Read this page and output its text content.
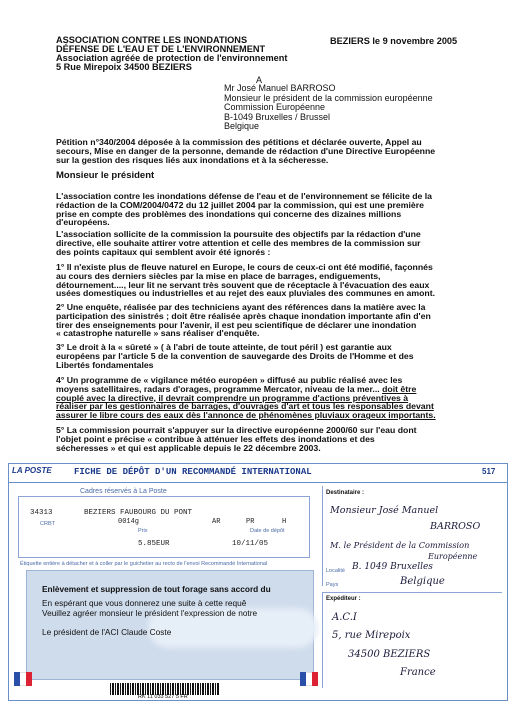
ASSOCIATION CONTRE LES INONDATIONS
DÉFENSE DE L'EAU ET DE L'ENVIRONNEMENT
Association agréée de protection de l'environnement
5 Rue Mirepoix 34500 BEZIERS
BEZIERS le 9 novembre 2005
A
Mr José Manuel BARROSO
Monsieur le président de la commission européenne
Commission Européenne
B-1049 Bruxelles / Brussel
Belgique
Pétition n°340/2004 déposée à la commission des pétitions et déclarée ouverte, Appel au
secours, Mise en danger de la personne, demande de rédaction d'une Directive Européenne
sur la gestion des risques liés aux inondations et à la sécheresse.
Monsieur le président
L'association contre les inondations défense de l'eau et de l'environnement se félicite de la
rédaction de la COM/2004/0472 du 12 juillet 2004 par la commission, qui est une première
prise en compte des problèmes des inondations qui concerne des dizaines millions
d'européens.
L'association sollicite de la commission la poursuite des objectifs par la rédaction d'une
directive, elle souhaite attirer votre attention et celle des membres de la commission sur
des points capitaux qui semblent avoir été ignorés :
1° Il n'existe plus de fleuve naturel en Europe, le cours de ceux-ci ont été modifié, façonnés
au cours des derniers siècles par la mise en place de barrages, endiguements,
détournement...., leur lit ne servant très souvent que de réceptacle à l'évacuation des eaux
usées domestiques ou industrielles et au rejet des eaux pluviales des communes en amont.
2° Une enquête, réalisée par des techniciens ayant des références dans la matière avec la
participation des sinistrés ; doit être réalisée après chaque inondation importante afin d'en
tirer des enseignements pour l'avenir, il est peu scientifique de déclarer une inondation
« catastrophe naturelle » sans réaliser d'enquête.
3° Le droit à la « sûreté » ( à l'abri de toute atteinte, de tout péril ) est garantie aux
européens par l'article 5 de la convention de sauvegarde des Droits de l'Homme et des
Libertés fondamentales
4° Un programme de « vigilance météo européen » diffusé au public réalisé avec les
moyens satellitaires, radars d'orages, programme Mercator, niveau de la mer... doit être
couplé avec la directive, il devrait comprendre un programme d'actions préventives à
réaliser par les gestionnaires de barrages, d'ouvrages d'art et tous les responsables devant
assurer le libre cours des eaux dès l'annonce de phénomènes pluviaux orageux importants.
5° La commission pourrait s'appuyer sur la directive européenne 2000/60 sur l'eau dont
l'objet point e précise « contribue à atténuer les effets des inondations et des
sécheresses » et qui est applicable depuis le 22 décembre 2003.
LA POSTE FICHE DE DÉPÔT D'UN RECOMMANDÉ INTERNATIONAL	517
Cadres réservés à La Poste
34313	BEZIERS FAUBOURG DU PONT
CRBT	0014g
Prix
AR	PR	H
Date de dépôt
5.85EUR	10/11/05
Étiquette entière à détacher et à coller par le guichetier au recto de l'envoi Recommandé International
Destinataire :
Monsieur José Manuel
BARROSO
M. le Président de la Commission
Européenne
Localité B. 1049 Bruxelles
Pays	Belgique
Expéditeur :
A.C.I
5, rue Mirepoix
34500 BEZIERS
France
Enlèvement et suppression de tout forage sans accord du
En espérant que vous donnerez une suite à cette requê
Veuillez agréer monsieur le président l'expression de notre
Le président de l'ACI Claude Coste
RK 11 033 527 5 FR
